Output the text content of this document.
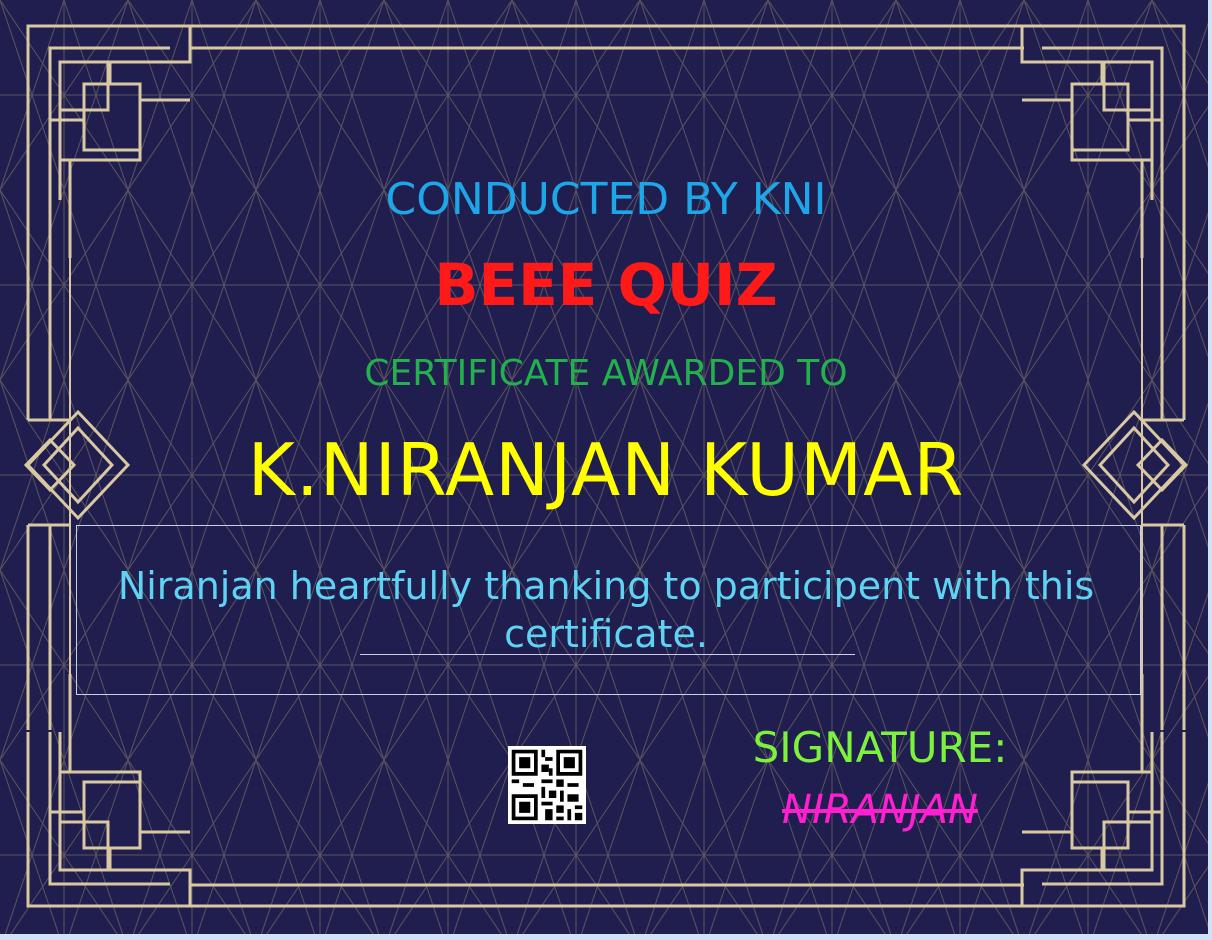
CONDUCTED BY KNI
BEEE QUIZ
CERTIFICATE AWARDED TO
K.NIRANJAN KUMAR
Niranjan heartfully thanking to participent with this certificate.
SIGNATURE:
NIRANJAN
